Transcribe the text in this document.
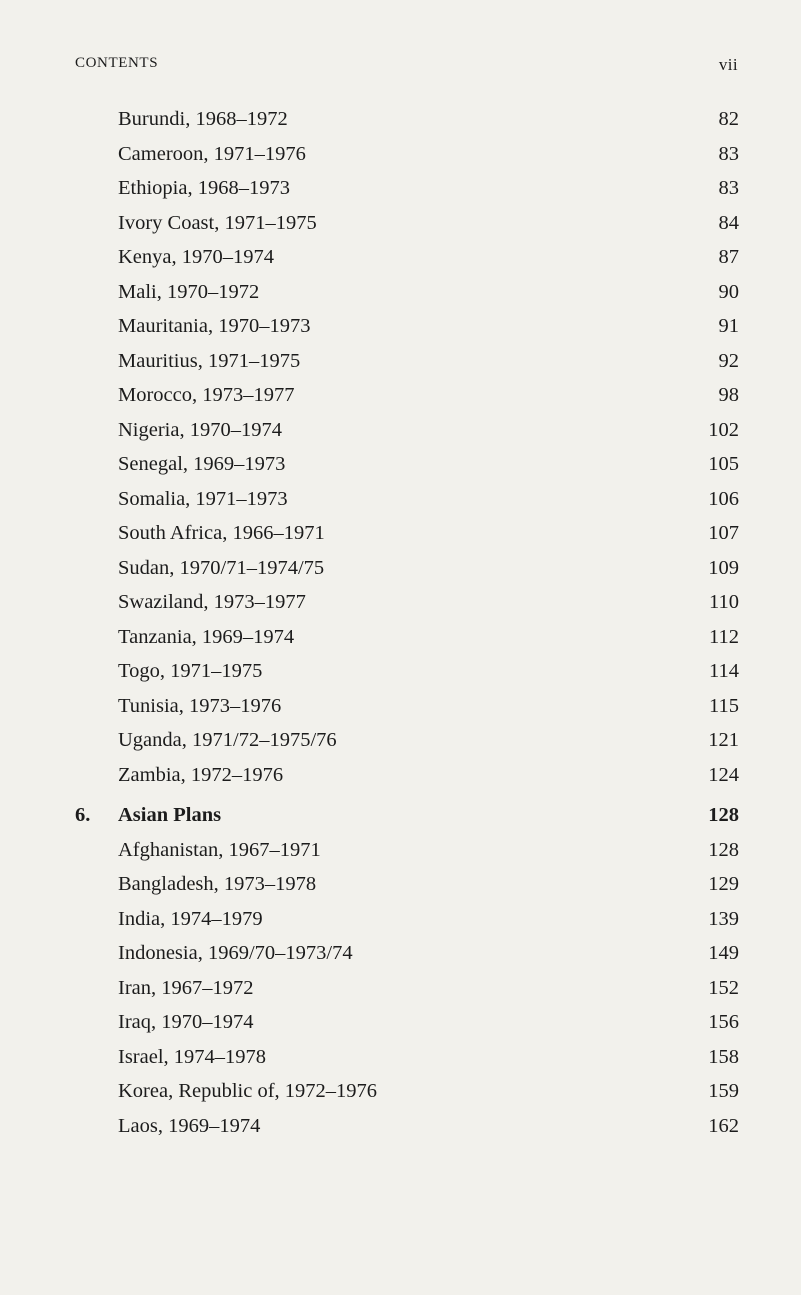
CONTENTS	vii
Burundi, 1968–1972	82
Cameroon, 1971–1976	83
Ethiopia, 1968–1973	83
Ivory Coast, 1971–1975	84
Kenya, 1970–1974	87
Mali, 1970–1972	90
Mauritania, 1970–1973	91
Mauritius, 1971–1975	92
Morocco, 1973–1977	98
Nigeria, 1970–1974	102
Senegal, 1969–1973	105
Somalia, 1971–1973	106
South Africa, 1966–1971	107
Sudan, 1970/71–1974/75	109
Swaziland, 1973–1977	110
Tanzania, 1969–1974	112
Togo, 1971–1975	114
Tunisia, 1973–1976	115
Uganda, 1971/72–1975/76	121
Zambia, 1972–1976	124
6. Asian Plans	128
Afghanistan, 1967–1971	128
Bangladesh, 1973–1978	129
India, 1974–1979	139
Indonesia, 1969/70–1973/74	149
Iran, 1967–1972	152
Iraq, 1970–1974	156
Israel, 1974–1978	158
Korea, Republic of, 1972–1976	159
Laos, 1969–1974	162
